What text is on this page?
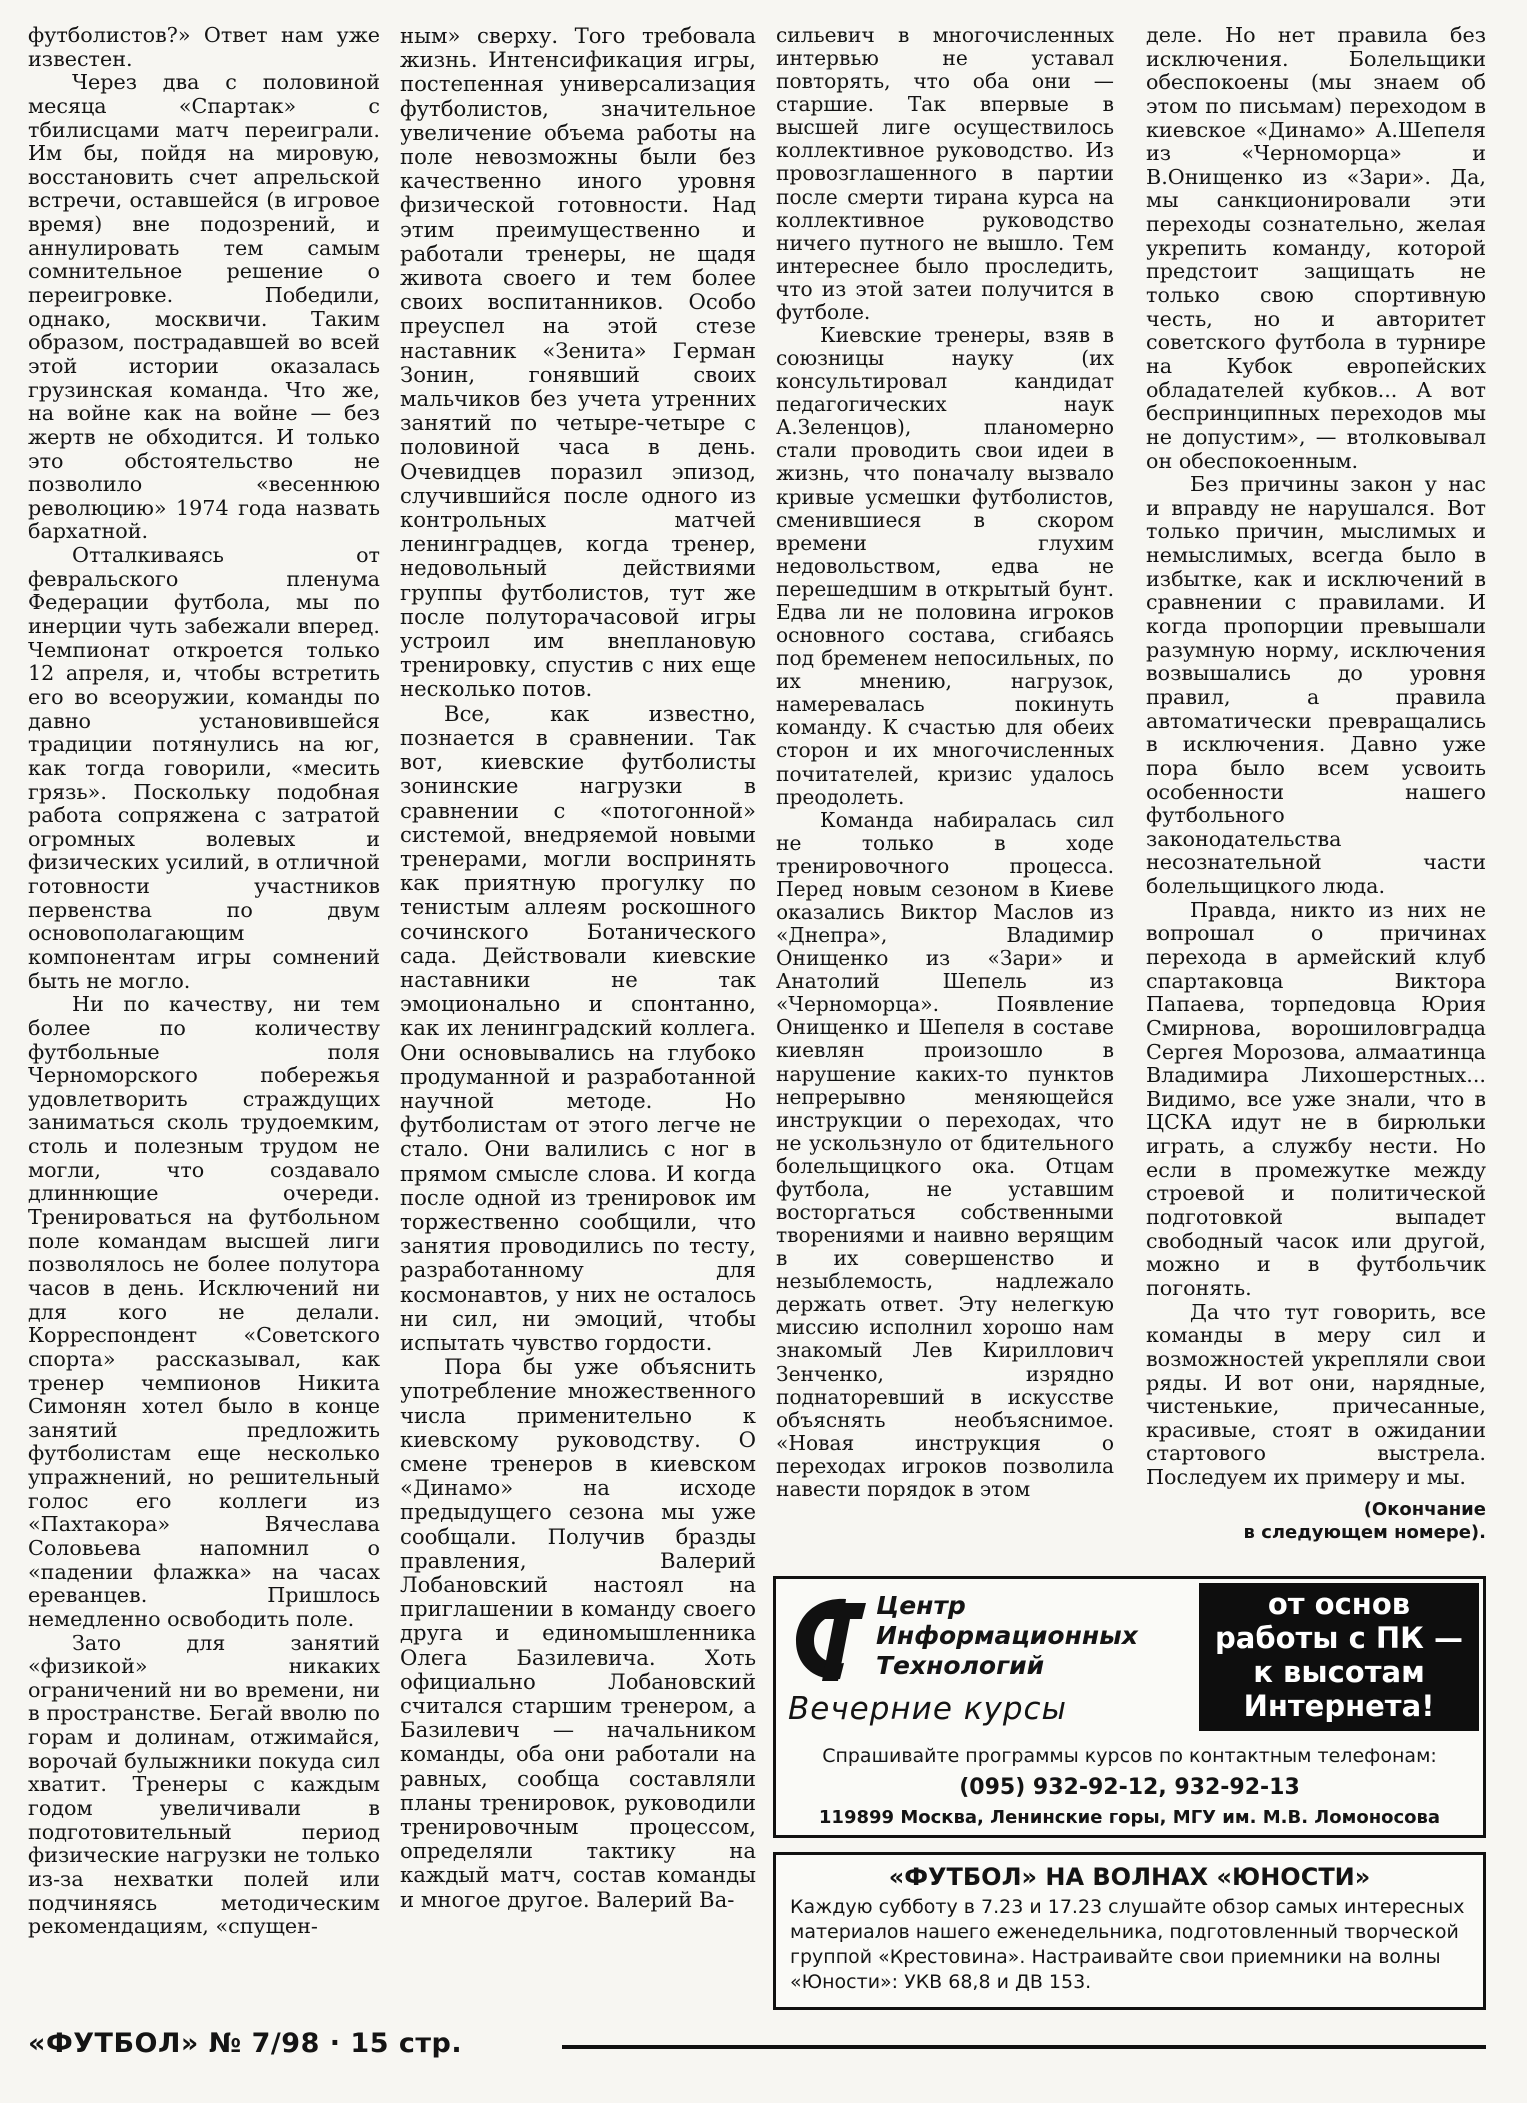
футболистов?» Ответ нам уже известен.

Через два с половиной месяца «Спартак» с тбилисцами матч переиграли. Им бы, пойдя на мировую, восстановить счет апрельской встречи, оставшейся (в игровое время) вне подозрений, и аннулировать тем самым сомнительное решение о переигровке. Победили, однако, москвичи. Таким образом, пострадавшей во всей этой истории оказалась грузинская команда. Что же, на войне как на войне — без жертв не обходится. И только это обстоятельство не позволило «весеннюю революцию» 1974 года назвать бархатной.

Отталкиваясь от февральского пленума Федерации футбола, мы по инерции чуть забежали вперед. Чемпионат откроется только 12 апреля, и, чтобы встретить его во всеоружии, команды по давно установившейся традиции потянулись на юг, как тогда говорили, «месить грязь». Поскольку подобная работа сопряжена с затратой огромных волевых и физических усилий, в отличной готовности участников первенства по двум основополагающим компонентам игры сомнений быть не могло.

Ни по качеству, ни тем более по количеству футбольные поля Черноморского побережья удовлетворить страждущих заниматься сколь трудоемким, столь и полезным трудом не могли, что создавало длиннющие очереди. Тренироваться на футбольном поле командам высшей лиги позволялось не более полутора часов в день. Исключений ни для кого не делали. Корреспондент «Советского спорта» рассказывал, как тренер чемпионов Никита Симонян хотел было в конце занятий предложить футболистам еще несколько упражнений, но решительный голос его коллеги из «Пахтакора» Вячеслава Соловьева напомнил о «падении флажка» на часах ереванцев. Пришлось немедленно освободить поле.

Зато для занятий «физикой» никаких ограничений ни во времени, ни в пространстве. Бегай вволю по горам и долинам, отжимайся, ворочай булыжники покуда сил хватит. Тренеры с каждым годом увеличивали в подготовительный период физические нагрузки не только из-за нехватки полей или подчиняясь методическим рекомендациям, «спущен-

ным» сверху. Того требовала жизнь. Интенсификация игры, постепенная универсализация футболистов, значительное увеличение объема работы на поле невозможны были без качественно иного уровня физической готовности. Над этим преимущественно и работали тренеры, не щадя живота своего и тем более своих воспитанников. Особо преуспел на этой стезе наставник «Зенита» Герман Зонин, гонявший своих мальчиков без учета утренних занятий по четыре-четыре с половиной часа в день. Очевидцев поразил эпизод, случившийся после одного из контрольных матчей ленинградцев, когда тренер, недовольный действиями группы футболистов, тут же после полуторачасовой игры устроил им внеплановую тренировку, спустив с них еще несколько потов.

Все, как известно, познается в сравнении. Так вот, киевские футболисты зонинские нагрузки в сравнении с «потогонной» системой, внедряемой новыми тренерами, могли воспринять как приятную прогулку по тенистым аллеям роскошного сочинского Ботанического сада. Действовали киевские наставники не так эмоционально и спонтанно, как их ленинградский коллега. Они основывались на глубоко продуманной и разработанной научной методе. Но футболистам от этого легче не стало. Они валились с ног в прямом смысле слова. И когда после одной из тренировок им торжественно сообщили, что занятия проводились по тесту, разработанному для космонавтов, у них не осталось ни сил, ни эмоций, чтобы испытать чувство гордости.

Пора бы уже объяснить употребление множественного числа применительно к киевскому руководству. О смене тренеров в киевском «Динамо» на исходе предыдущего сезона мы уже сообщали. Получив бразды правления, Валерий Лобановский настоял на приглашении в команду своего друга и единомышленника Олега Базилевича. Хоть официально Лобановский считался старшим тренером, а Базилевич — начальником команды, оба они работали на равных, сообща составляли планы тренировок, руководили тренировочным процессом, определяли тактику на каждый матч, состав команды и многое другое. Валерий Ва-

сильевич в многочисленных интервью не уставал повторять, что оба они — старшие. Так впервые в высшей лиге осуществилось коллективное руководство. Из провозглашенного в партии после смерти тирана курса на коллективное руководство ничего путного не вышло. Тем интереснее было проследить, что из этой затеи получится в футболе.

Киевские тренеры, взяв в союзницы науку (их консультировал кандидат педагогических наук А.Зеленцов), планомерно стали проводить свои идеи в жизнь, что поначалу вызвало кривые усмешки футболистов, сменившиеся в скором времени глухим недовольством, едва не перешедшим в открытый бунт. Едва ли не половина игроков основного состава, сгибаясь под бременем непосильных, по их мнению, нагрузок, намеревалась покинуть команду. К счастью для обеих сторон и их многочисленных почитателей, кризис удалось преодолеть.

Команда набиралась сил не только в ходе тренировочного процесса. Перед новым сезоном в Киеве оказались Виктор Маслов из «Днепра», Владимир Онищенко из «Зари» и Анатолий Шепель из «Черноморца». Появление Онищенко и Шепеля в составе киевлян произошло в нарушение каких-то пунктов непрерывно меняющейся инструкции о переходах, что не ускользнуло от бдительного болельщицкого ока. Отцам футбола, не уставшим восторгаться собственными творениями и наивно верящим в их совершенство и незыблемость, надлежало держать ответ. Эту нелегкую миссию исполнил хорошо нам знакомый Лев Кириллович Зенченко, изрядно поднаторевший в искусстве объяснять необъяснимое. «Новая инструкция о переходах игроков позволила навести порядок в этом

деле. Но нет правила без исключения. Болельщики обеспокоены (мы знаем об этом по письмам) переходом в киевское «Динамо» А.Шепеля из «Черноморца» и В.Онищенко из «Зари». Да, мы санкционировали эти переходы сознательно, желая укрепить команду, которой предстоит защищать не только свою спортивную честь, но и авторитет советского футбола в турнире на Кубок европейских обладателей кубков... А вот беспринципных переходов мы не допустим», — втолковывал он обеспокоенным.

Без причины закон у нас и вправду не нарушался. Вот только причин, мыслимых и немыслимых, всегда было в избытке, как и исключений в сравнении с правилами. И когда пропорции превышали разумную норму, исключения возвышались до уровня правил, а правила автоматически превращались в исключения. Давно уже пора было всем усвоить особенности нашего футбольного законодательства несознательной части болельщицкого люда.

Правда, никто из них не вопрошал о причинах перехода в армейский клуб спартаковца Виктора Папаева, торпедовца Юрия Смирнова, ворошиловградца Сергея Морозова, алмаатинца Владимира Лихошерстных... Видимо, все уже знали, что в ЦСКА идут не в бирюльки играть, а службу нести. Но если в промежутке между строевой и политической подготовкой выпадет свободный часок или другой, можно и в футбольчик погонять.

Да что тут говорить, все команды в меру сил и возможностей укрепляли свои ряды. И вот они, нарядные, чистенькие, причесанные, красивые, стоят в ожидании стартового выстрела. Последуем их примеру и мы.

(Окончание
в следующем номере).

Центр
Информационных
Технологий
Вечерние курсы
от основ
работы с ПК —
к высотам
Интернета!
Спрашивайте программы курсов по контактным телефонам:
(095) 932-92-12, 932-92-13
119899 Москва, Ленинские горы, МГУ им. М.В. Ломоносова
«ФУТБОЛ» НА ВОЛНАХ «ЮНОСТИ»
Каждую субботу в 7.23 и 17.23 слушайте обзор самых интересных материалов нашего еженедельника, подготовленный творческой группой «Крестовина». Настраивайте свои приемники на волны «Юности»: УКВ 68,8 и ДВ 153.
«ФУТБОЛ» № 7/98 · 15 стр.
